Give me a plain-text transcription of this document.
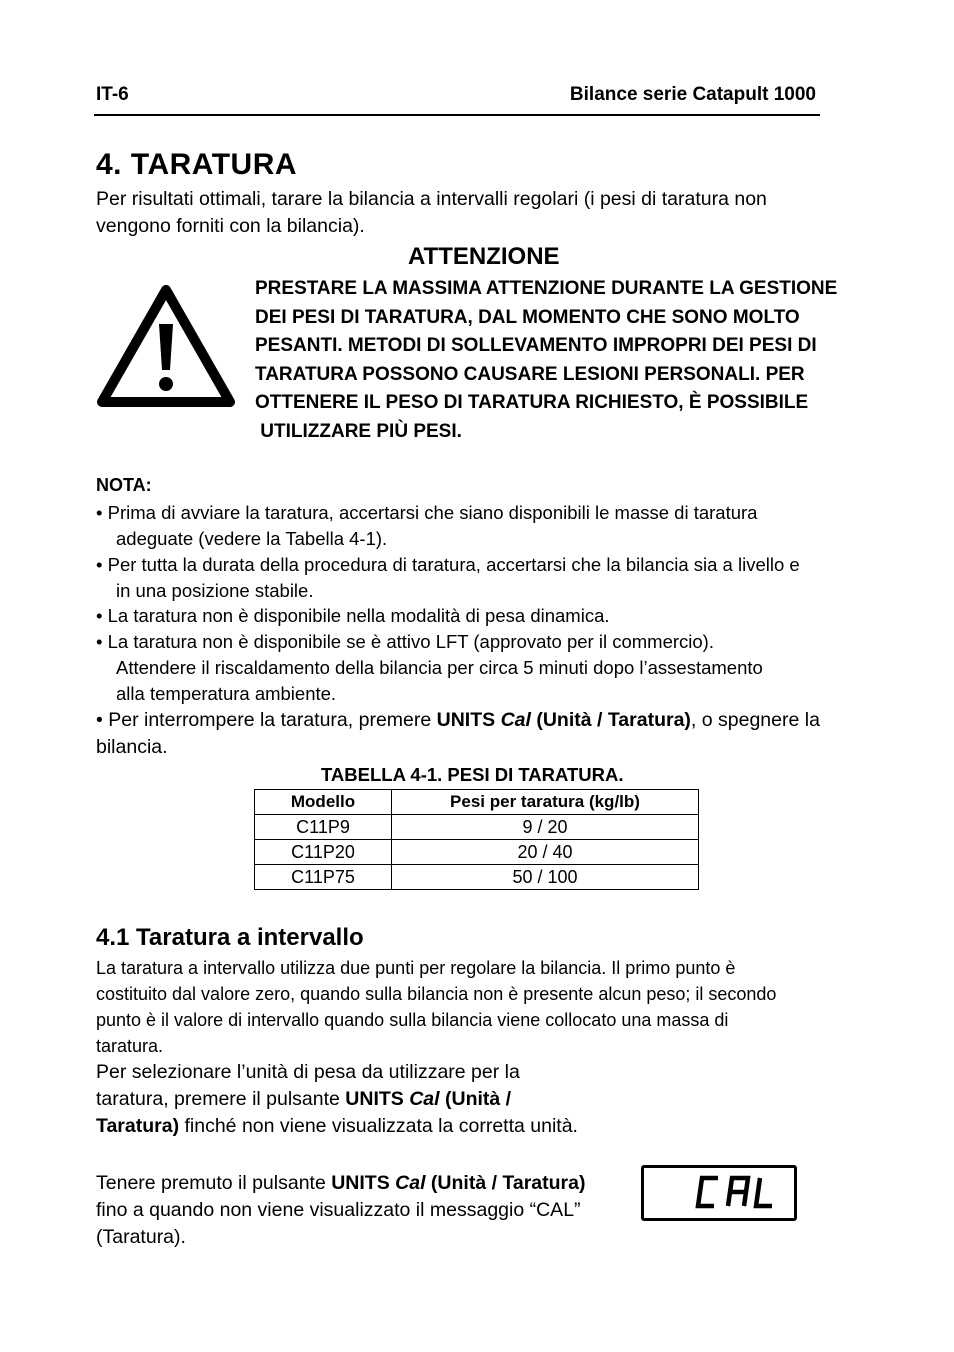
IT-6	Bilance serie Catapult 1000
4. TARATURA
Per risultati ottimali, tarare la bilancia a intervalli regolari (i pesi di taratura non
vengono forniti con la bilancia).
ATTENZIONE
PRESTARE LA MASSIMA ATTENZIONE DURANTE LA GESTIONE
DEI PESI DI TARATURA, DAL MOMENTO CHE SONO MOLTO
PESANTI. METODI DI SOLLEVAMENTO IMPROPRI DEI PESI DI
TARATURA POSSONO CAUSARE LESIONI PERSONALI. PER
OTTENERE IL PESO DI TARATURA RICHIESTO, È POSSIBILE
UTILIZZARE PIÙ PESI.
NOTA:
• Prima di avviare la taratura, accertarsi che siano disponibili le masse di taratura
adeguate (vedere la Tabella 4-1).
• Per tutta la durata della procedura di taratura, accertarsi che la bilancia sia a livello e
in una posizione stabile.
• La taratura non è disponibile nella modalità di pesa dinamica.
• La taratura non è disponibile se è attivo LFT (approvato per il commercio).
Attendere il riscaldamento della bilancia per circa 5 minuti dopo l’assestamento
alla temperatura ambiente.
• Per interrompere la taratura, premere UNITS Cal (Unità / Taratura), o spegnere la
bilancia.
TABELLA 4-1. PESI DI TARATURA.
Modello	Pesi per taratura (kg/lb)
C11P9	9 / 20
C11P20	20 / 40
C11P75	50 / 100
4.1 Taratura a intervallo
La taratura a intervallo utilizza due punti per regolare la bilancia. Il primo punto è
costituito dal valore zero, quando sulla bilancia non è presente alcun peso; il secondo
punto è il valore di intervallo quando sulla bilancia viene collocato una massa di
taratura.
Per selezionare l’unità di pesa da utilizzare per la
taratura, premere il pulsante UNITS Cal (Unità /
Taratura) finché non viene visualizzata la corretta unità.
Tenere premuto il pulsante UNITS Cal (Unità / Taratura)
fino a quando non viene visualizzato il messaggio “CAL”
(Taratura).
